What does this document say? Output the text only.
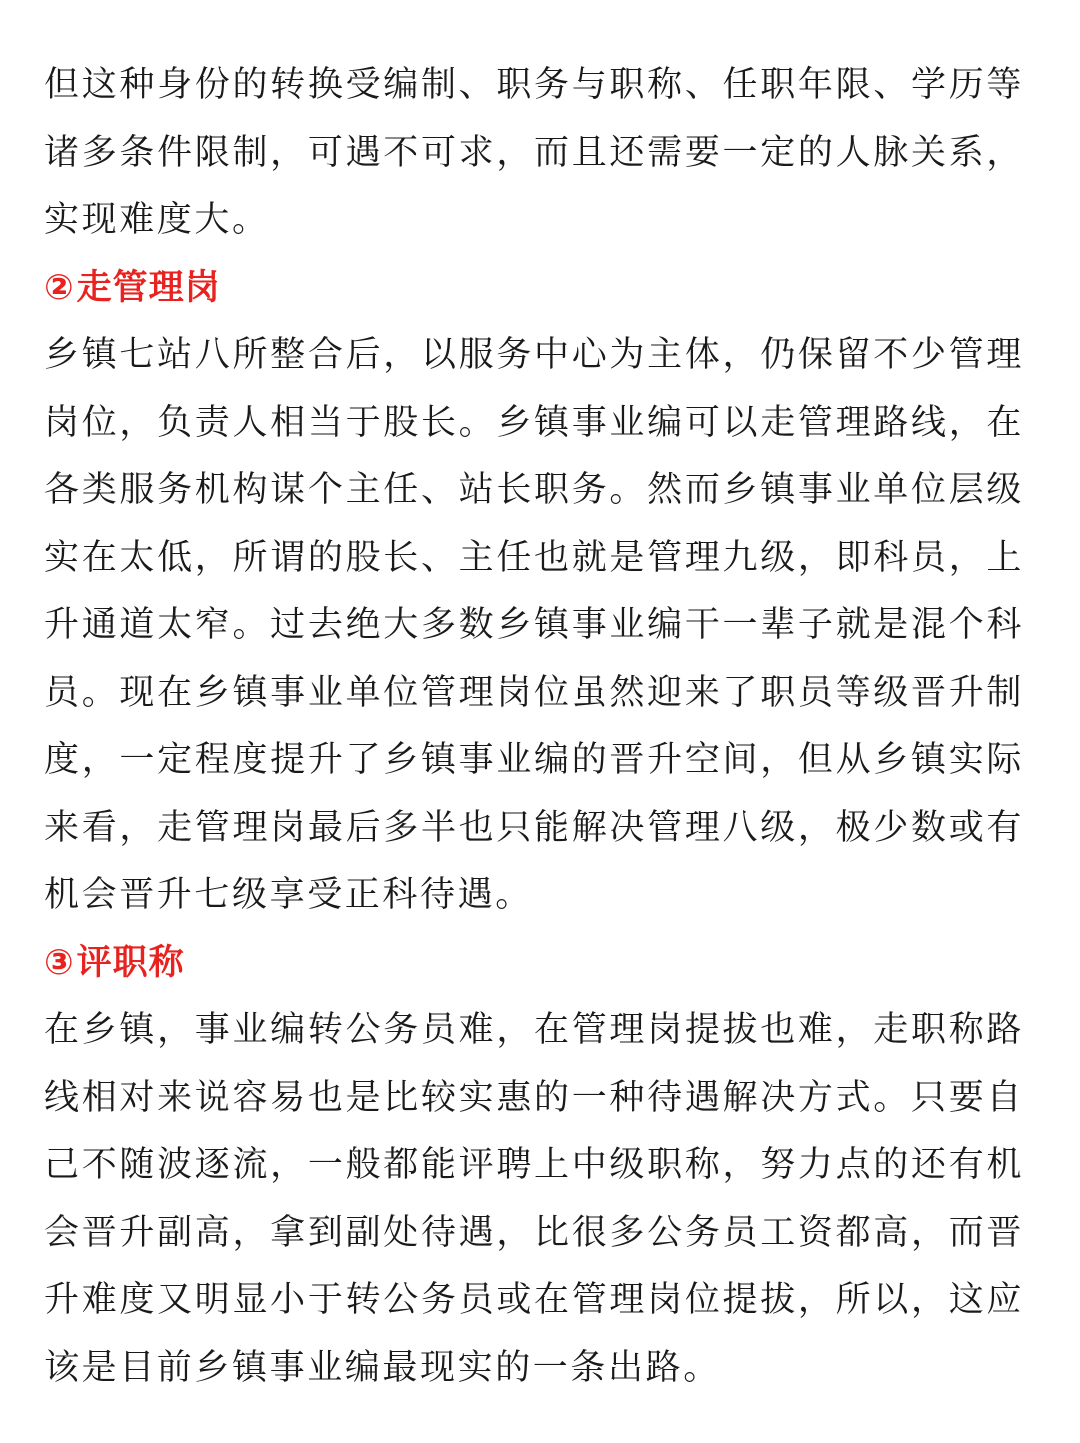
但这种身份的转换受编制、职务与职称、任职年限、学历等诸多条件限制，可遇不可求，而且还需要一定的人脉关系，实现难度大。

②走管理岗

乡镇七站八所整合后，以服务中心为主体，仍保留不少管理岗位，负责人相当于股长。乡镇事业编可以走管理路线，在各类服务机构谋个主任、站长职务。然而乡镇事业单位层级实在太低，所谓的股长、主任也就是管理九级，即科员，上升通道太窄。过去绝大多数乡镇事业编干一辈子就是混个科员。现在乡镇事业单位管理岗位虽然迎来了职员等级晋升制度，一定程度提升了乡镇事业编的晋升空间，但从乡镇实际来看，走管理岗最后多半也只能解决管理八级，极少数或有机会晋升七级享受正科待遇。

③评职称

在乡镇，事业编转公务员难，在管理岗提拔也难，走职称路线相对来说容易也是比较实惠的一种待遇解决方式。只要自己不随波逐流，一般都能评聘上中级职称，努力点的还有机会晋升副高，拿到副处待遇，比很多公务员工资都高，而晋升难度又明显小于转公务员或在管理岗位提拔，所以，这应该是目前乡镇事业编最现实的一条出路。
